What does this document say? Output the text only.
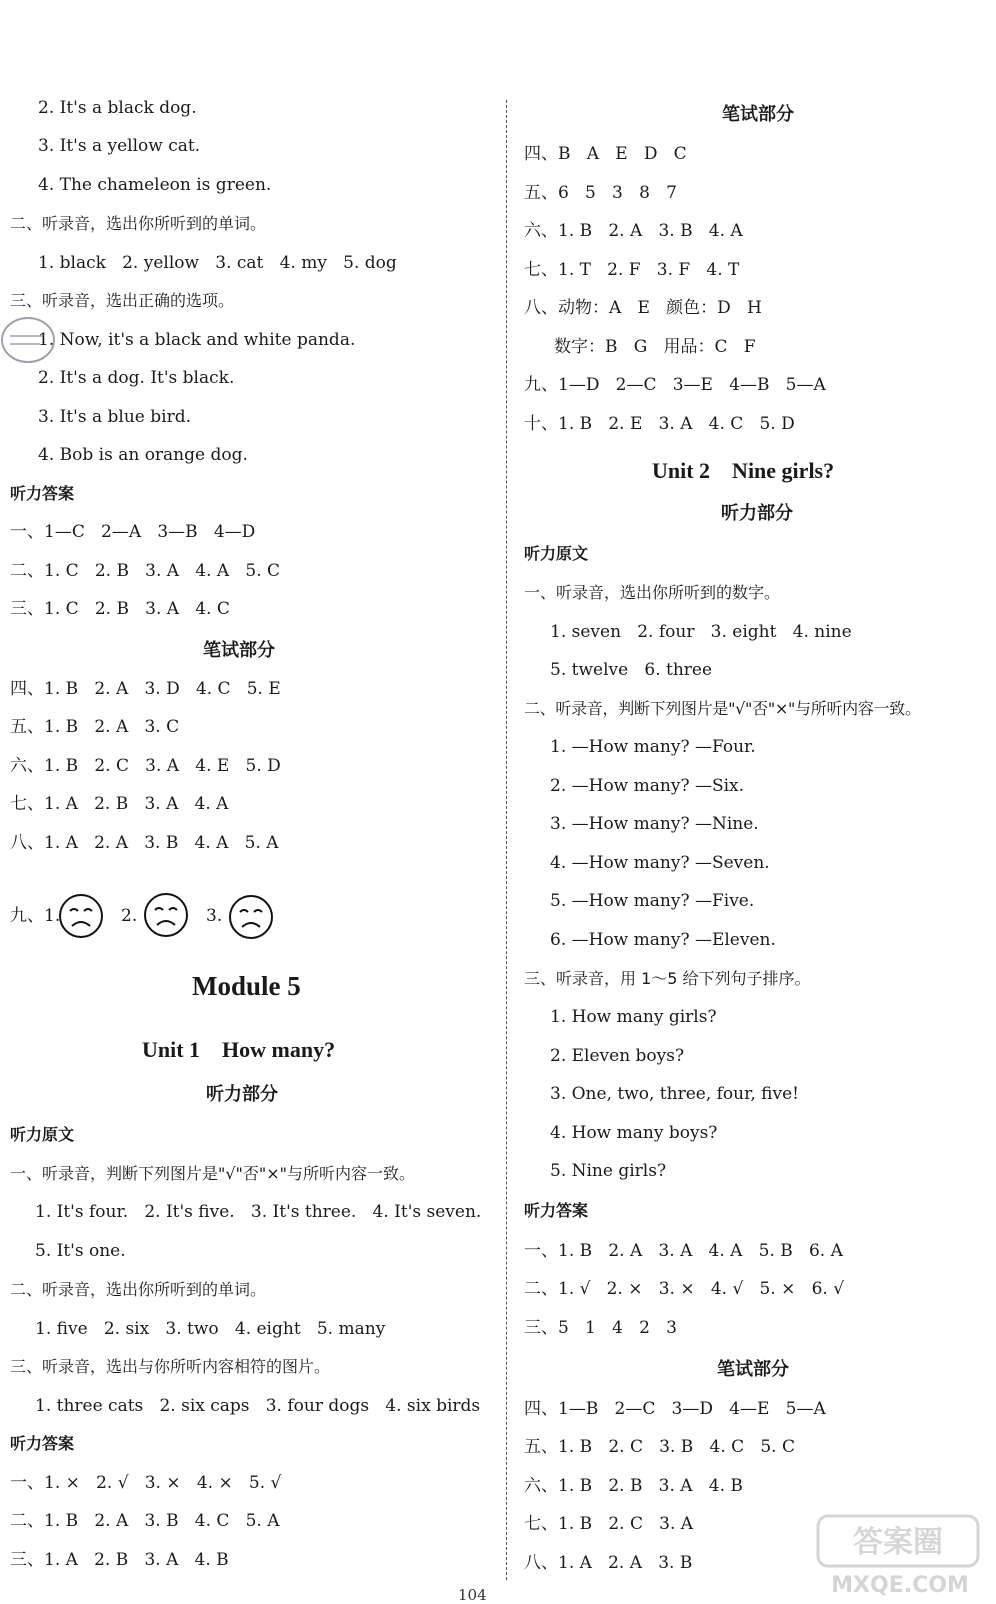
2. It's a black dog.
3. It's a yellow cat.
4. The chameleon is green.
二、听录音，选出你所听到的单词。
1. black   2. yellow   3. cat   4. my   5. dog
三、听录音，选出正确的选项。
1. Now, it's a black and white panda.
2. It's a dog. It's black.
3. It's a blue bird.
4. Bob is an orange dog.
听力答案
一、1—C   2—A   3—B   4—D
二、1. C   2. B   3. A   4. A   5. C
三、1. C   2. B   3. A   4. C
笔试部分
四、1. B   2. A   3. D   4. C   5. E
五、1. B   2. A   3. C
六、1. B   2. C   3. A   4. E   5. D
七、1. A   2. B   3. A   4. A
八、1. A   2. A   3. B   4. A   5. A
九、1.	2.	3.
Module 5
Unit 1    How many?
听力部分
听力原文
一、听录音，判断下列图片是"√"否"×"与所听内容一致。
1. It's four.   2. It's five.   3. It's three.   4. It's seven.
5. It's one.
二、听录音，选出你所听到的单词。
1. five   2. six   3. two   4. eight   5. many
三、听录音，选出与你所听内容相符的图片。
1. three cats   2. six caps   3. four dogs   4. six birds
听力答案
一、1. ×   2. √   3. ×   4. ×   5. √
二、1. B   2. A   3. B   4. C   5. A
三、1. A   2. B   3. A   4. B
笔试部分
四、B   A   E   D   C
五、6   5   3   8   7
六、1. B   2. A   3. B   4. A
七、1. T   2. F   3. F   4. T
八、动物：A   E   颜色：D   H
数字：B   G   用品：C   F
九、1—D   2—C   3—E   4—B   5—A
十、1. B   2. E   3. A   4. C   5. D
Unit 2    Nine girls?
听力部分
听力原文
一、听录音，选出你所听到的数字。
1. seven   2. four   3. eight   4. nine
5. twelve   6. three
二、听录音，判断下列图片是"√"否"×"与所听内容一致。
1. —How many? —Four.
2. —How many? —Six.
3. —How many? —Nine.
4. —How many? —Seven.
5. —How many? —Five.
6. —How many? —Eleven.
三、听录音，用 1～5 给下列句子排序。
1. How many girls?
2. Eleven boys?
3. One, two, three, four, five!
4. How many boys?
5. Nine girls?
听力答案
一、1. B   2. A   3. A   4. A   5. B   6. A
二、1. √   2. ×   3. ×   4. √   5. ×   6. √
三、5   1   4   2   3
笔试部分
四、1—B   2—C   3—D   4—E   5—A
五、1. B   2. C   3. B   4. C   5. C
六、1. B   2. B   3. A   4. B
七、1. B   2. C   3. A
八、1. A   2. A   3. B
104
答案圈
MXQE.COM
